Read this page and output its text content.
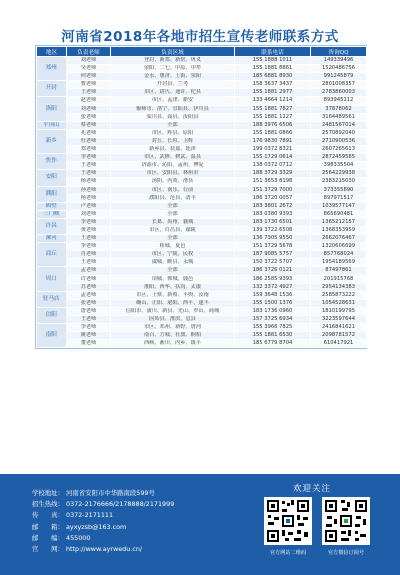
河南省2018年各地市招生宣传老师联系方式
地区	负责老师	负责区域	联系电话	咨询QQ
郑州	刘老师	登封、新郑、新密、巩义	155 1888 1011	149339496
	吴老师	荥阳、二七、中原、中牟	155 1881 8861	1520486756
	何老师	金水、惠济、上街、荥阳	185 6881 8930	991245879
开封	曹老师	开封县、兰考	158 3637 3437	2801008357
	王老师	市区、尉氏、通许、杞县	155 1881 2977	2783860003
洛阳	赵老师	市区、孟津、新安	133 4664 1214	893945112
	刘老师	偃师市、洛宁、宜阳县、伊川县	155 1881 7827	37878062
	张老师	栾川县、嵩县、汝阳县	155 1881 1227	3164489561
平顶山	蔡老师	全部	188 3976 6506	2481567014
新乡	孔老师	市区、辉县、原阳	155 1881 0866	2570892040
	杜老师	封丘、长垣、卫辉	176 9830 7891	2710900536
	郑老师	新乡县、获嘉、延津	199 0372 8321	2607265613
焦作	李老师	市区、武陟、修武、温县	155 1729 0614	2872459585
	王老师	济源市、沁阳、孟州、博爱	138 0372 0712	398335504
安阳	王老师	市区、安阳县、林州市	188 3729 3329	2564229938
	杨老师	汤阴、内黄、滑县	151 3653 8198	2383215030
濮阳	孙老师	市区、南乐、台前	151 3729 7000	373355890
	杨老师	濮阳县、范县、清丰	186 3720 0057	897971517
鹤壁	卢老师	全部	183 3801 2672	1039577147
三门峡	刘老师	全部	183 0380 9393	865690481
许昌	李老师	长葛、禹州、襄城	183 1730 6501	1365212157
	黄老师	市区、许昌县、鄢陵	139 3722 6508	1368353959
漯河	王老师	全部	136 7305 9550	2662076467
商丘	李老师	柘城、夏邑	151 3729 5678	1320606699
	肖老师	市区、宁陵、民权	187 9085 5757	857768024
	王老师	虞城、睢县、永城	150 3722 5707	1954189569
周口	孟老师	全部	186 3726 0121	87497861
	许老师	项城、郸城、鹿邑	186 2585 9393	201915768
	苏老师	淮阳、西华、扶沟、太康	132 3372 4927	2954134383
驻马店	孟老师	市区、上蔡、新蔡、平舆、汝南	159 3648 1536	2585873222
	张老师	确山、正阳、泌阳、西平、遂平	155 1500 1376	1054528631
信阳	唐老师	信阳市、潢川、新县、光山、罗山、商城	183 1736 0960	1810199795
	王老师	固始县、淮滨、息县	157 3725 6934	3223597644
南阳	李老师	市区、邓州、新野、唐河	155 3966 7825	2416841621
	姚老师	南召、方城、社旗、桐柏	155 1881 6530	2098781572
	董老师	西峡、淅川、内乡、镇平	185 6779 8704	610417921
学校地址： 河南省安阳市中华路南段599号
招生热线： 0372-2176666/2178888/2171999
传　　真： 0372-2171111
邮　　箱： ayxyzsb@163.com
邮　　编： 455000
官　　网： http://www.ayrwedu.cn/
欢迎关注
官方网站二维码	官方微信订阅号
